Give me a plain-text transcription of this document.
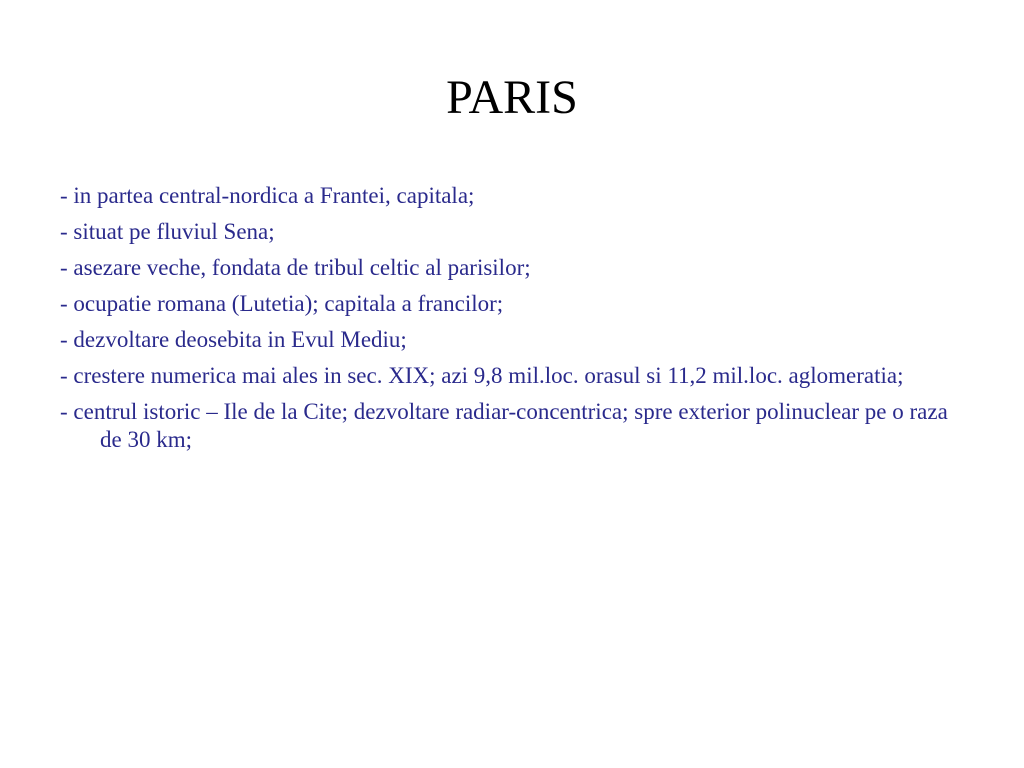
PARIS
- in partea central-nordica a Frantei, capitala;
- situat pe fluviul Sena;
- asezare veche, fondata de tribul celtic al parisilor;
- ocupatie romana (Lutetia); capitala a francilor;
- dezvoltare deosebita in Evul Mediu;
- crestere numerica mai ales in sec. XIX; azi 9,8 mil.loc. orasul si 11,2 mil.loc. aglomeratia;
- centrul istoric – Ile de la Cite; dezvoltare radiar-concentrica; spre exterior polinuclear pe o raza de 30 km;
